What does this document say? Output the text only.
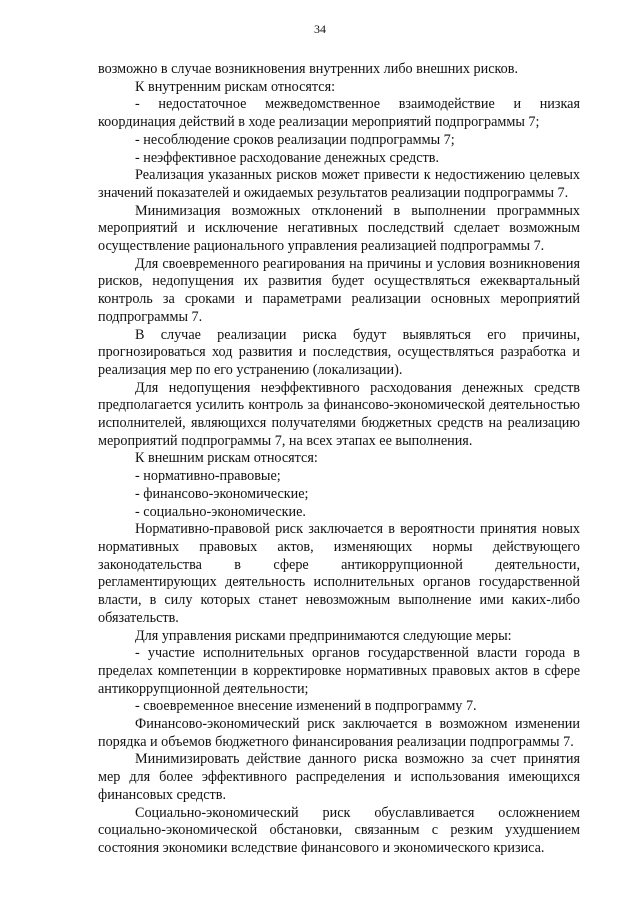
34

возможно в случае возникновения внутренних либо внешних рисков.

К внутренним рискам относятся:

- недостаточное межведомственное взаимодействие и низкая координация действий в ходе реализации мероприятий подпрограммы 7;

- несоблюдение сроков реализации подпрограммы 7;

- неэффективное расходование денежных средств.

Реализация указанных рисков может привести к недостижению целевых значений показателей и ожидаемых результатов реализации подпрограммы 7.

Минимизация возможных отклонений в выполнении программных мероприятий и исключение негативных последствий сделает возможным осуществление рационального управления реализацией подпрограммы 7.

Для своевременного реагирования на причины и условия возникновения рисков, недопущения их развития будет осуществляться ежеквартальный контроль за сроками и параметрами реализации основных мероприятий подпрограммы 7.

В случае реализации риска будут выявляться его причины, прогнозироваться ход развития и последствия, осуществляться разработка и реализация мер по его устранению (локализации).

Для недопущения неэффективного расходования денежных средств предполагается усилить контроль за финансово-экономической деятельностью исполнителей, являющихся получателями бюджетных средств на реализацию мероприятий подпрограммы 7, на всех этапах ее выполнения.

К внешним рискам относятся:

- нормативно-правовые;

- финансово-экономические;

- социально-экономические.

Нормативно-правовой риск заключается в вероятности принятия новых нормативных правовых актов, изменяющих нормы действующего законодательства в сфере антикоррупционной деятельности, регламентирующих деятельность исполнительных органов государственной власти, в силу которых станет невозможным выполнение ими каких-либо обязательств.

Для управления рисками предпринимаются следующие меры:

- участие исполнительных органов государственной власти города в пределах компетенции в корректировке нормативных правовых актов в сфере антикоррупционной деятельности;

- своевременное внесение изменений в подпрограмму 7.

Финансово-экономический риск заключается в возможном изменении порядка и объемов бюджетного финансирования реализации подпрограммы 7.

Минимизировать действие данного риска возможно за счет принятия мер для более эффективного распределения и использования имеющихся финансовых средств.

Социально-экономический риск обуславливается осложнением социально-экономической обстановки, связанным с резким ухудшением состояния экономики вследствие финансового и экономического кризиса.
